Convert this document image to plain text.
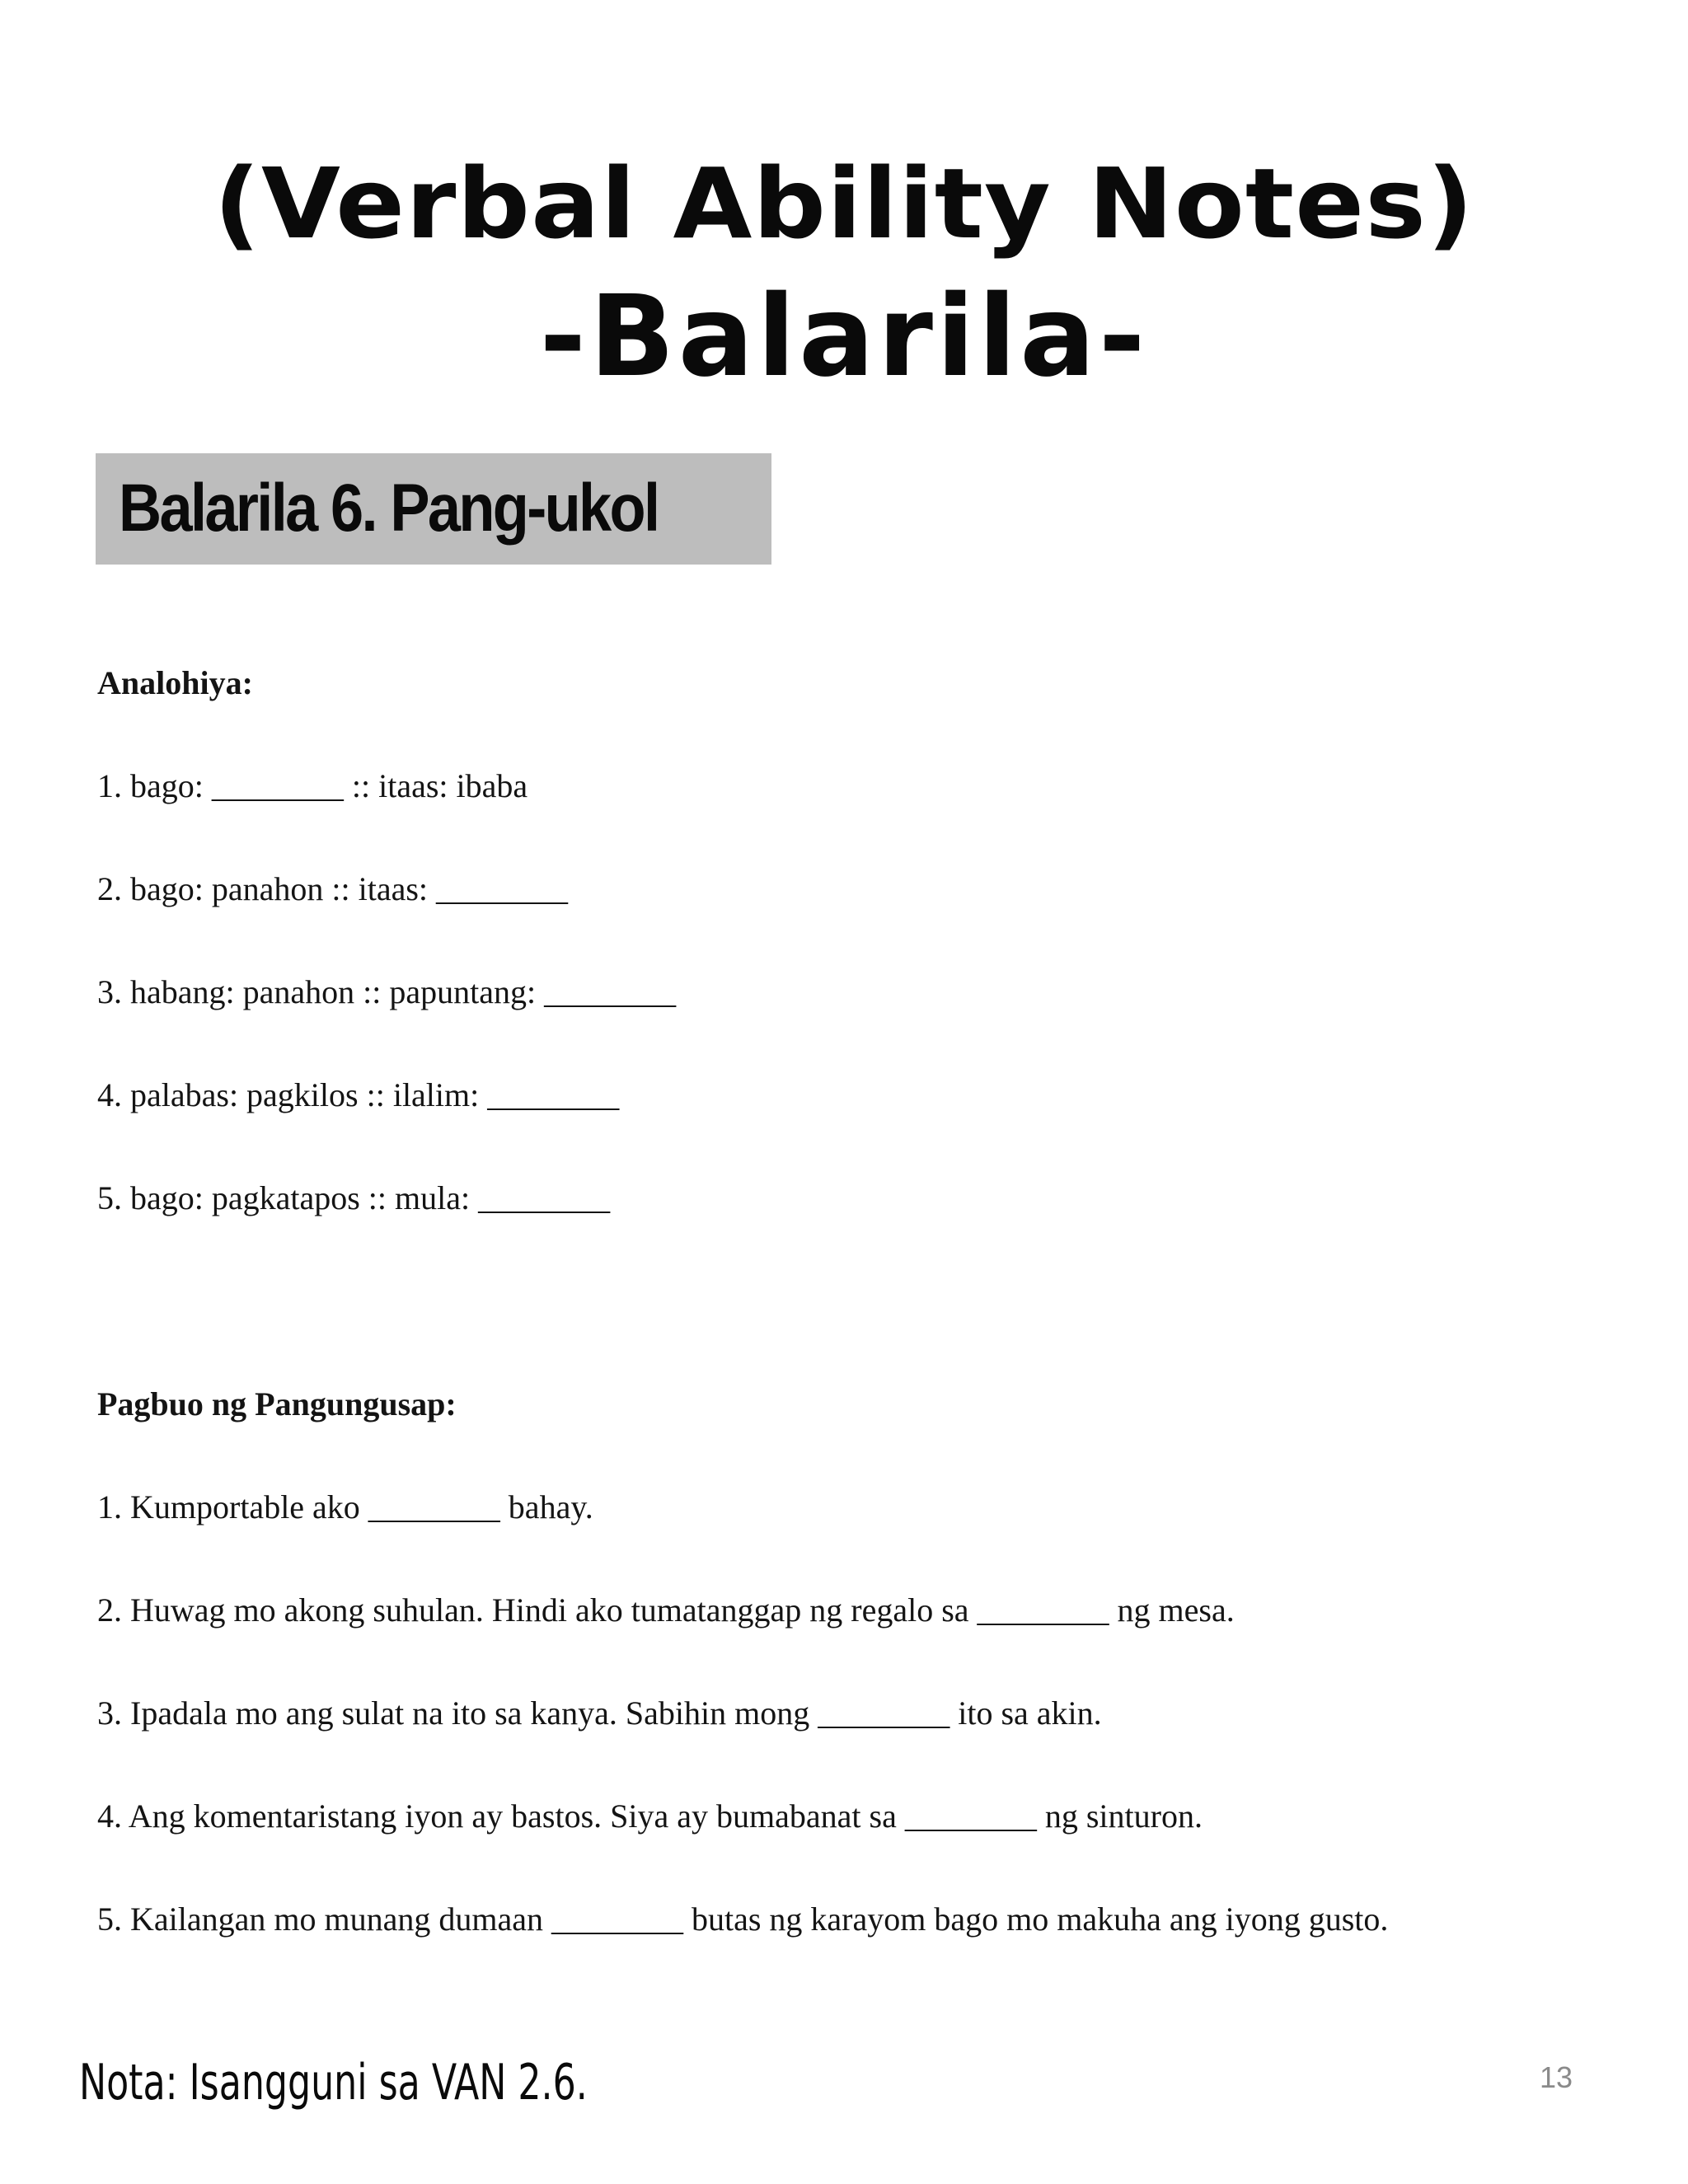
(Verbal Ability Notes)
-Balarila-
Balarila 6. Pang-ukol
Analohiya:
1. bago: ________ :: itaas: ibaba
2. bago: panahon :: itaas: ________
3. habang: panahon :: papuntang: ________
4. palabas: pagkilos :: ilalim: ________
5. bago: pagkatapos :: mula: ________
Pagbuo ng Pangungusap:
1. Kumportable ako ________ bahay.
2. Huwag mo akong suhulan. Hindi ako tumatanggap ng regalo sa ________ ng mesa.
3. Ipadala mo ang sulat na ito sa kanya. Sabihin mong ________ ito sa akin.
4. Ang komentaristang iyon ay bastos. Siya ay bumabanat sa ________ ng sinturon.
5. Kailangan mo munang dumaan ________ butas ng karayom bago mo makuha ang iyong gusto.
Nota: Isangguni sa VAN 2.6.	13
